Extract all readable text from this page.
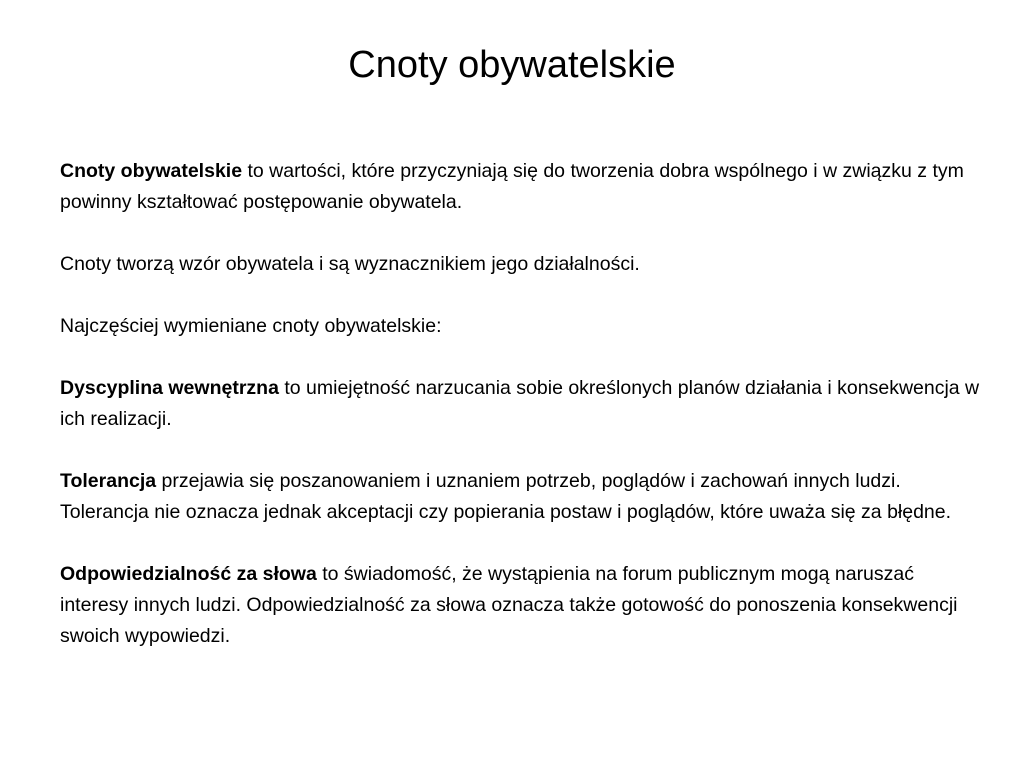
Cnoty obywatelskie

Cnoty obywatelskie to wartości, które przyczyniają się do tworzenia dobra wspólnego i w związku z tym powinny kształtować postępowanie obywatela.

Cnoty tworzą wzór obywatela i są wyznacznikiem jego działalności.

Najczęściej wymieniane cnoty obywatelskie:

Dyscyplina wewnętrzna to umiejętność narzucania sobie określonych planów działania i konsekwencja w ich realizacji.

Tolerancja przejawia się poszanowaniem i uznaniem potrzeb, poglądów i zachowań innych ludzi. Tolerancja nie oznacza jednak akceptacji czy popierania postaw i poglądów, które uważa się za błędne.

Odpowiedzialność za słowa to świadomość, że wystąpienia na forum publicznym mogą naruszać interesy innych ludzi. Odpowiedzialność za słowa oznacza także gotowość do ponoszenia konsekwencji swoich wypowiedzi.
